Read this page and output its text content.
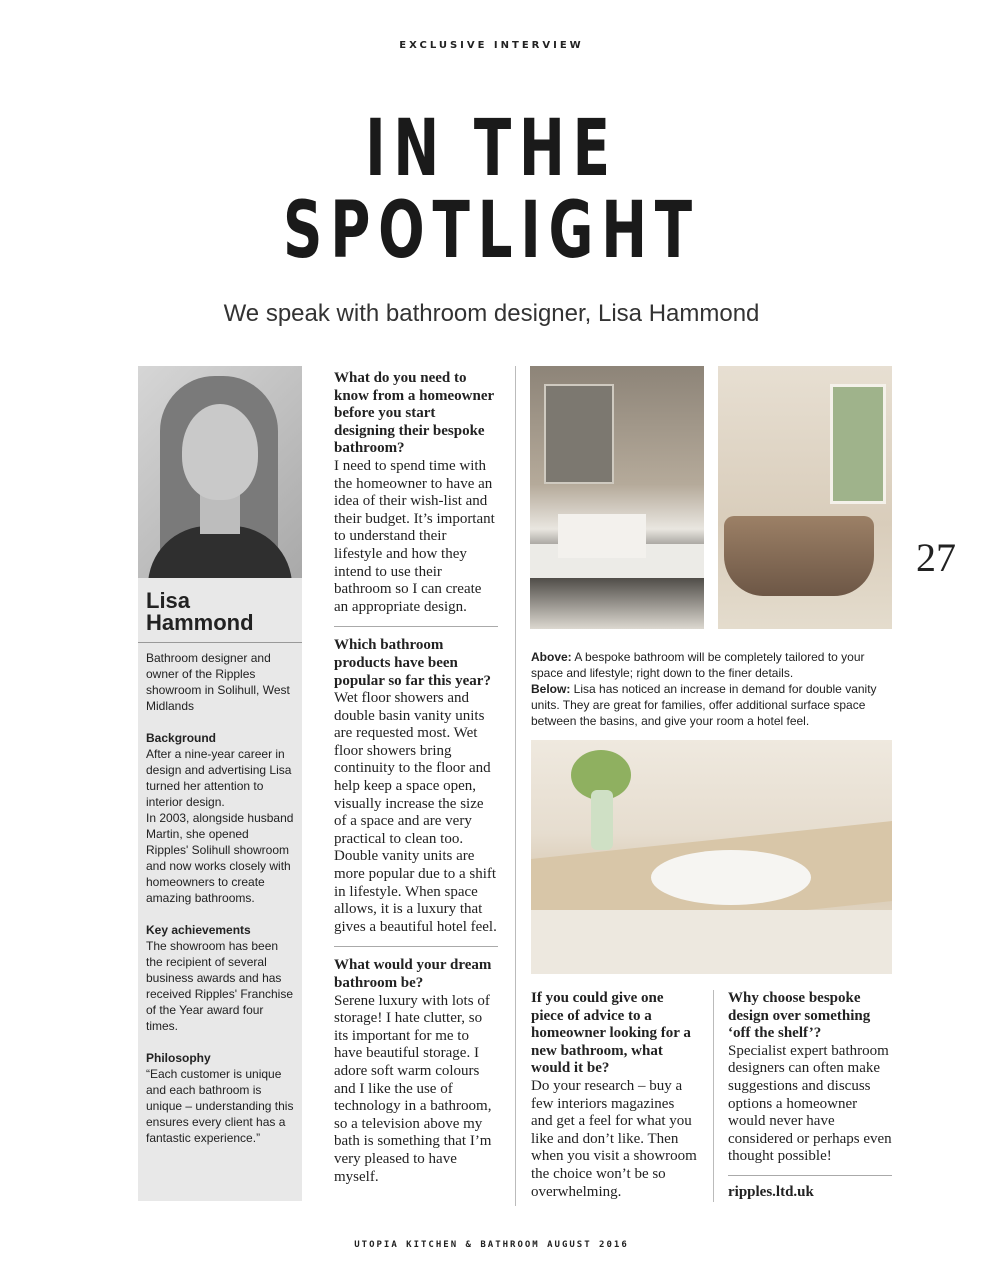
EXCLUSIVE INTERVIEW
IN THE
SPOTLIGHT
We speak with bathroom designer, Lisa Hammond
Lisa
Hammond

Bathroom designer and owner of the Ripples showroom in Solihull, West Midlands

Background

After a nine-year career in design and advertising Lisa turned her attention to interior design.
In 2003, alongside husband Martin, she opened Ripples' Solihull showroom and now works closely with homeowners to create amazing bathrooms.

Key achievements

The showroom has been the recipient of several business awards and has received Ripples' Franchise of the Year award four times.

Philosophy

“Each customer is unique and each bathroom is unique – understanding this ensures every client has a fantastic experience.”

What do you need to know from a homeowner before you start designing their bespoke bathroom?
I need to spend time with the homeowner to have an idea of their wish-list and their budget. It’s important to understand their lifestyle and how they intend to use their bathroom so I can create an appropriate design.
Which bathroom products have been popular so far this year?
Wet floor showers and double basin vanity units are requested most. Wet floor showers bring continuity to the floor and help keep a space open, visually increase the size of a space and are very practical to clean too. Double vanity units are more popular due to a shift in lifestyle. When space allows, it is a luxury that gives a beautiful hotel feel.
What would your dream bathroom be?
Serene luxury with lots of storage! I hate clutter, so its important for me to have beautiful storage. I adore soft warm colours and I like the use of technology in a bathroom, so a television above my bath is something that I’m very pleased to have myself.
27
Above: A bespoke bathroom will be completely tailored to your space and lifestyle; right down to the finer details.
Below: Lisa has noticed an increase in demand for double vanity units. They are great for families, offer additional surface space between the basins, and give your room a hotel feel.
If you could give one piece of advice to a homeowner looking for a new bathroom, what would it be?
Do your research – buy a few interiors magazines and get a feel for what you like and don’t like. Then when you visit a showroom the choice won’t be so overwhelming.
Why choose bespoke design over something ‘off the shelf’?
Specialist expert bathroom designers can often make suggestions and discuss options a homeowner would never have considered or perhaps even thought possible!
ripples.ltd.uk
UTOPIA KITCHEN & BATHROOM AUGUST 2016
